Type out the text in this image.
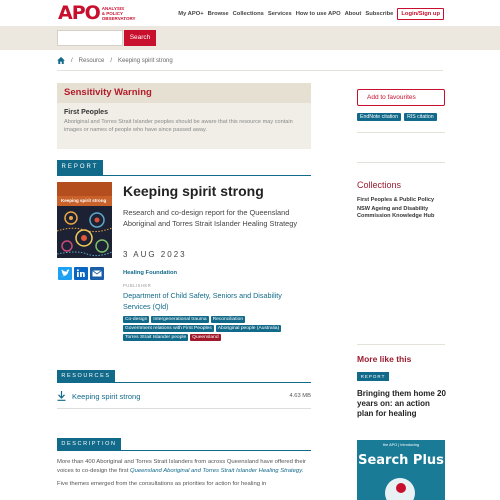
APO ANALYSIS
& POLICY
OBSERVATORY
My APO+ Browse Collections Services How to use APO About Subscribe	Login/Sign up
Search
/ Resource / Keeping spirit strong
Sensitivity Warning
First Peoples
Aboriginal and Torres Strait Islander peoples should be aware that this resource may contain images or names of people who have since passed away.
Add to favourites
EndNote citation	RIS citation
Collections
First Peoples & Public Policy
NSW Ageing and Disability Commission Knowledge Hub
More like this
REPORT
Bringing them home 20 years on: an action plan for healing
the APO | Introducing
Search Plus
REPORT
Keeping spirit strong
Keeping spirit strong
Research and co-design report for the Queensland Aboriginal and Torres Strait Islander Healing Strategy
3 AUG 2023
Healing Foundation
PUBLISHER
Department of Child Safety, Seniors and Disability Services (Qld)
Co-design	Intergenerational trauma	Reconciliation
Government relations with First Peoples	Aboriginal people (Australia)
Torres Strait Islander people	Queensland
RESOURCES
Keeping spirit strong	4.63 MB
DESCRIPTION

More than 400 Aboriginal and Torres Strait Islanders from across Queensland have offered their voices to co-design the first Queensland Aboriginal and Torres Strait Islander Healing Strategy.

Five themes emerged from the consultations as priorities for action for healing in
